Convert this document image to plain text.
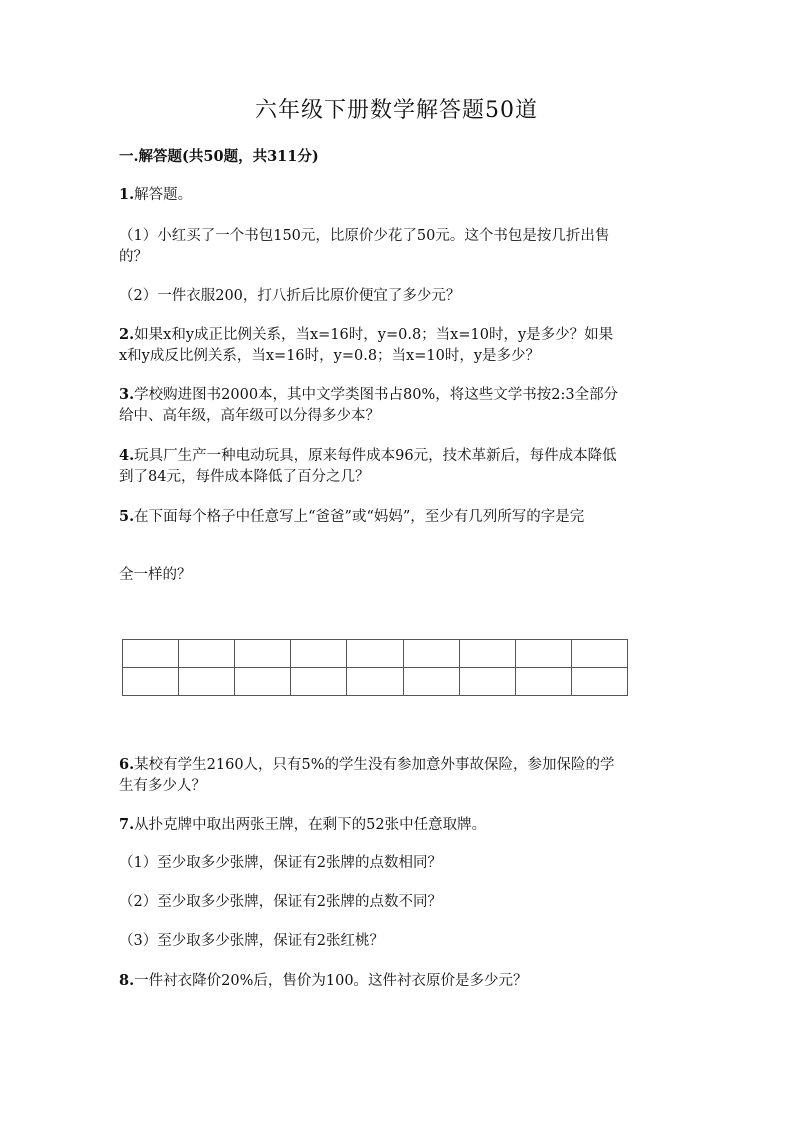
六年级下册数学解答题50道
一.解答题(共50题，共311分)
1.解答题。
（1）小红买了一个书包150元，比原价少花了50元。这个书包是按几折出售
的？
（2）一件衣服200，打八折后比原价便宜了多少元？
2.如果x和y成正比例关系，当x=16时，y=0.8；当x=10时，y是多少？如果
x和y成反比例关系，当x=16时，y=0.8；当x=10时，y是多少？
3.学校购进图书2000本，其中文学类图书占80%，将这些文学书按2:3全部分
给中、高年级，高年级可以分得多少本？
4.玩具厂生产一种电动玩具，原来每件成本96元，技术革新后，每件成本降低
到了84元，每件成本降低了百分之几？
5.在下面每个格子中任意写上“爸爸”或“妈妈”，至少有几列所写的字是完
全一样的？

6.某校有学生2160人，只有5%的学生没有参加意外事故保险，参加保险的学
生有多少人？
7.从扑克牌中取出两张王牌，在剩下的52张中任意取牌。
（1）至少取多少张牌，保证有2张牌的点数相同？
（2）至少取多少张牌，保证有2张牌的点数不同？
（3）至少取多少张牌，保证有2张红桃？
8.一件衬衣降价20%后，售价为100。这件衬衣原价是多少元？
